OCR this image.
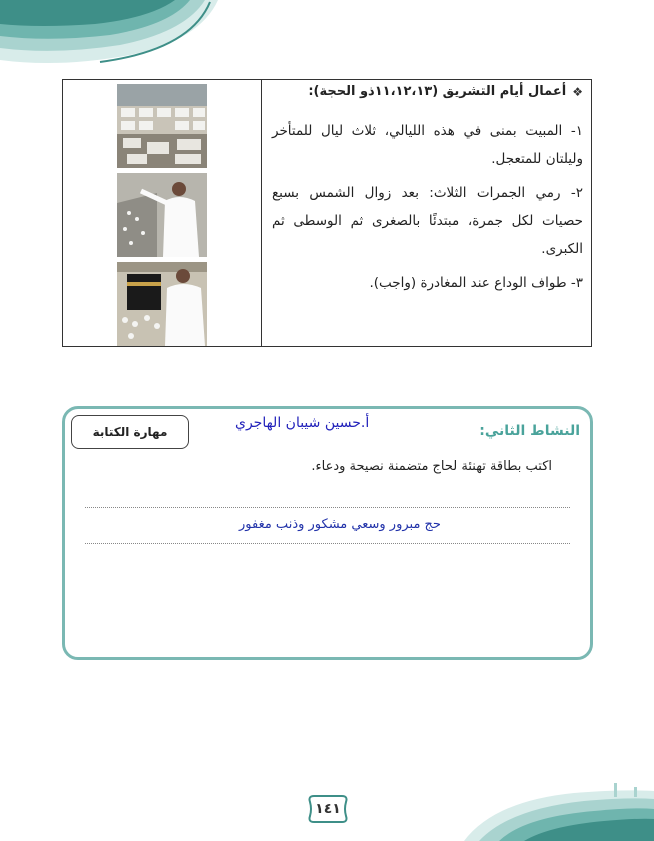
❖
أعمال أيام التشريق (١١،١٢،١٣ذو الحجة):
١- المبيت بمنى في هذه الليالي، ثلاث ليال للمتأخر وليلتان للمتعجل.
٢- رمي الجمرات الثلاث: بعد زوال الشمس بسبع حصيات لكل جمرة، مبتدئًا بالصغرى ثم الوسطى ثم الكبرى.
٣- طواف الوداع عند المغادرة (واجب).
النشاط الثاني:
أ.حسين شيبان الهاجري
مهارة الكتابة
اكتب بطاقة تهنئة لحاج متضمنة نصيحة ودعاء.
حج مبرور وسعي مشكور وذنب مغفور
١٤١
